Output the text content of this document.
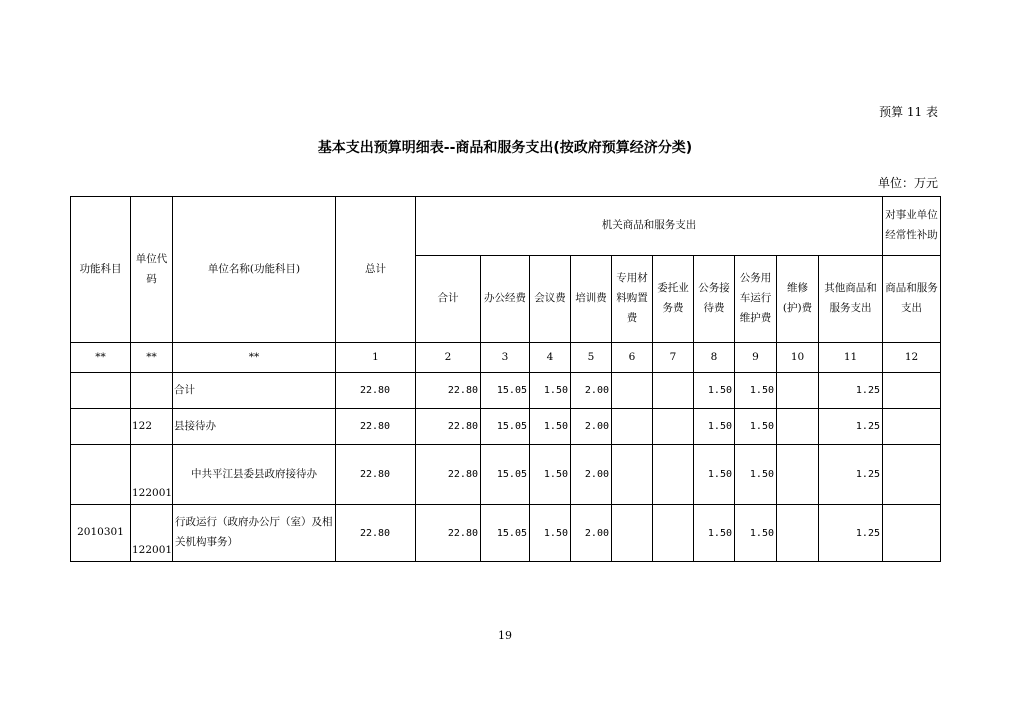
预算 11 表
基本支出预算明细表--商品和服务支出(按政府预算经济分类)
单位：万元
功能科目	单位代码	单位名称(功能科目)	总计	机关商品和服务支出										对事业单位经常性补助
				合计	办公经费	会议费	培训费	专用材料购置费	委托业务费	公务接待费	公务用车运行维护费	维修(护)费	其他商品和服务支出	商品和服务支出
**	**	**	1	2	3	4	5	6	7	8	9	10	11	12
		合计	22.80	22.80	15.05	1.50	2.00			1.50	1.50		1.25	
	122	县接待办	22.80	22.80	15.05	1.50	2.00			1.50	1.50		1.25	
	122001	中共平江县委县政府接待办	22.80	22.80	15.05	1.50	2.00			1.50	1.50		1.25	
2010301	122001	行政运行（政府办公厅（室）及相关机构事务）	22.80	22.80	15.05	1.50	2.00			1.50	1.50		1.25	
19
